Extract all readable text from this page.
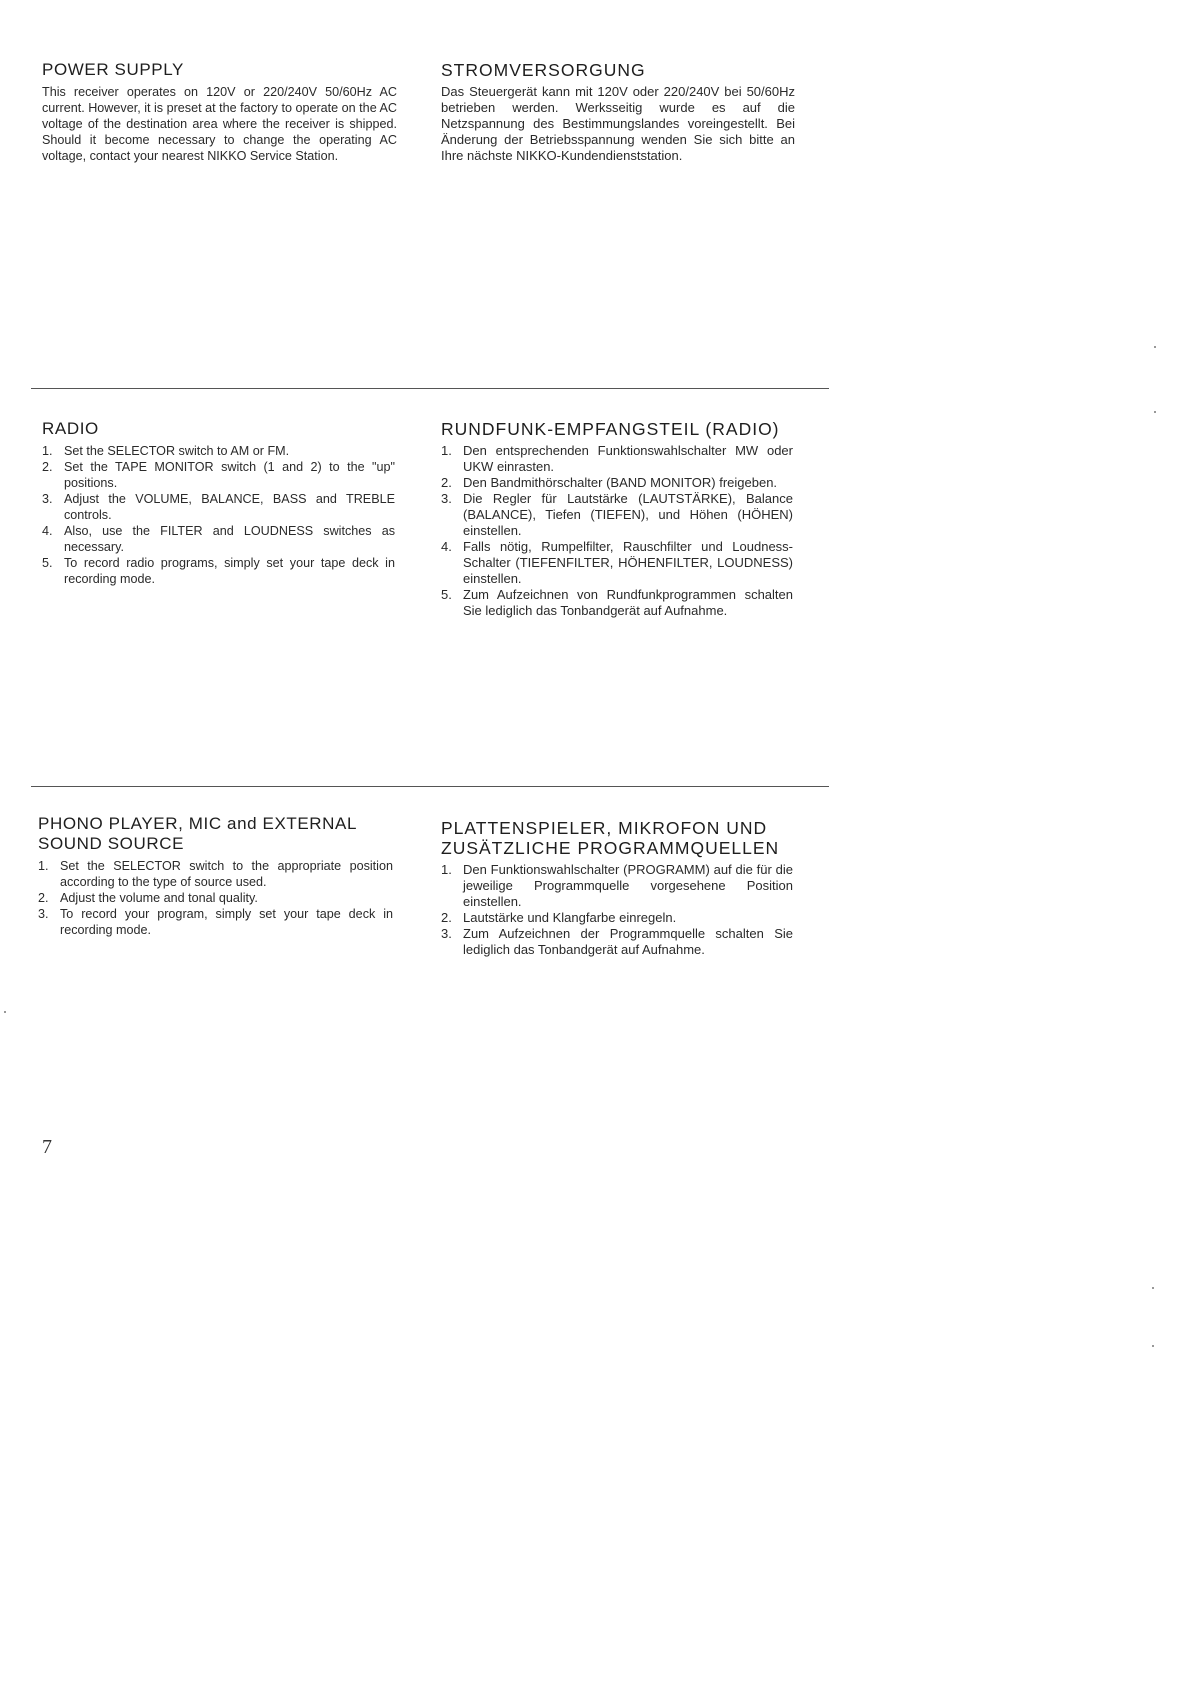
POWER SUPPLY

This receiver operates on 120V or 220/240V 50/60Hz AC current. However, it is preset at the factory to operate on the AC voltage of the destination area where the receiver is shipped. Should it become necessary to change the operating AC voltage, contact your nearest NIKKO Service Station.

STROMVERSORGUNG

Das Steuergerät kann mit 120V oder 220/240V bei 50/60Hz betrieben werden. Werksseitig wurde es auf die Netzspannung des Bestimmungslandes voreingestellt. Bei Änderung der Betriebsspannung wenden Sie sich bitte an Ihre nächste NIKKO-Kundendienststation.

RADIO
1. Set the SELECTOR switch to AM or FM.
2. Set the TAPE MONITOR switch (1 and 2) to the "up" positions.
3. Adjust the VOLUME, BALANCE, BASS and TREBLE controls.
4. Also, use the FILTER and LOUDNESS switches as necessary.
5. To record radio programs, simply set your tape deck in recording mode.
RUNDFUNK-EMPFANGSTEIL (RADIO)
1. Den entsprechenden Funktionswahlschalter MW oder UKW einrasten.
2. Den Bandmithörschalter (BAND MONITOR) freigeben.
3. Die Regler für Lautstärke (LAUTSTÄRKE), Balance (BALANCE), Tiefen (TIEFEN), und Höhen (HÖHEN) einstellen.
4. Falls nötig, Rumpelfilter, Rauschfilter und Loudness-Schalter (TIEFENFILTER, HÖHENFILTER, LOUDNESS) einstellen.
5. Zum Aufzeichnen von Rundfunkprogrammen schalten Sie lediglich das Tonbandgerät auf Aufnahme.
PHONO PLAYER, MIC and EXTERNAL SOUND SOURCE
1. Set the SELECTOR switch to the appropriate position according to the type of source used.
2. Adjust the volume and tonal quality.
3. To record your program, simply set your tape deck in recording mode.
PLATTENSPIELER, MIKROFON UND ZUSÄTZLICHE PROGRAMMQUELLEN
1. Den Funktionswahlschalter (PROGRAMM) auf die für die jeweilige Programmquelle vorgesehene Position einstellen.
2. Lautstärke und Klangfarbe einregeln.
3. Zum Aufzeichnen der Programmquelle schalten Sie lediglich das Tonbandgerät auf Aufnahme.
7
